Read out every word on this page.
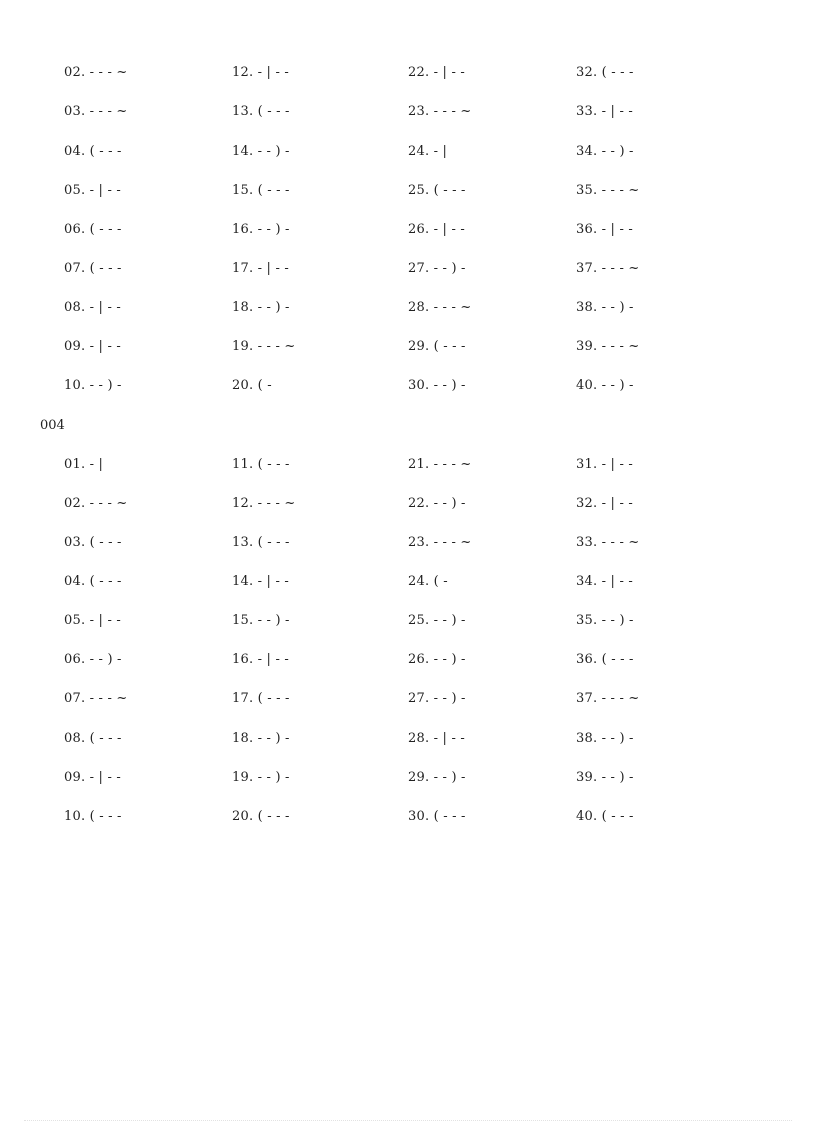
02. - - - ~	12. - | - -	22. - | - -	32. ( - - -
03. - - - ~	13. ( - - -	23. - - - ~	33. - | - -
04. ( - - -	14. - - ) -	24. - |	34. - - ) -
05. - | - -	15. ( - - -	25. ( - - -	35. - - - ~
06. ( - - -	16. - - ) -	26. - | - -	36. - | - -
07. ( - - -	17. - | - -	27. - - ) -	37. - - - ~
08. - | - -	18. - - ) -	28. - - - ~	38. - - ) -
09. - | - -	19. - - - ~	29. ( - - -	39. - - - ~
10. - - ) -	20. ( -	30. - - ) -	40. - - ) -
004
01. - |	11. ( - - -	21. - - - ~	31. - | - -
02. - - - ~	12. - - - ~	22. - - ) -	32. - | - -
03. ( - - -	13. ( - - -	23. - - - ~	33. - - - ~
04. ( - - -	14. - | - -	24. ( -	34. - | - -
05. - | - -	15. - - ) -	25. - - ) -	35. - - ) -
06. - - ) -	16. - | - -	26. - - ) -	36. ( - - -
07. - - - ~	17. ( - - -	27. - - ) -	37. - - - ~
08. ( - - -	18. - - ) -	28. - | - -	38. - - ) -
09. - | - -	19. - - ) -	29. - - ) -	39. - - ) -
10. ( - - -	20. ( - - -	30. ( - - -	40. ( - - -
